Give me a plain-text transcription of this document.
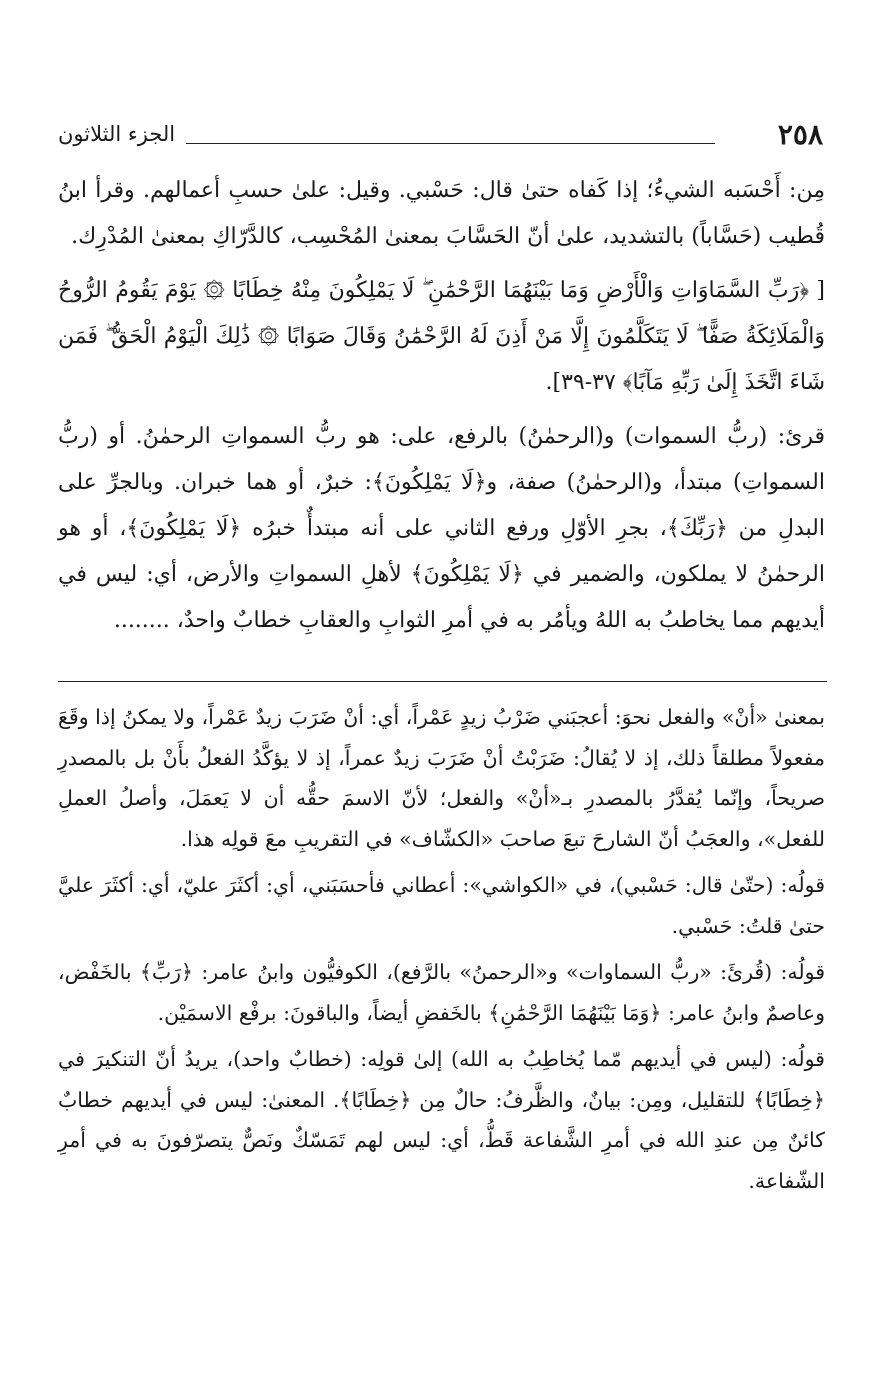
٢٥٨
الجزء الثلاثون

مِن: أَحْسَبه الشيءُ؛ إذا كَفاه حتىٰ قال: حَسْبي. وقيل: علىٰ حسبِ أعمالهم. وقرأ ابنُ قُطيب (حَسَّاباً) بالتشديد، علىٰ أنّ الحَسَّابَ بمعنىٰ المُحْسِب، كالدَّرّاكِ بمعنىٰ المُدْرِك.

[ ﴿رَبِّ السَّمَاوَاتِ وَالْأَرْضِ وَمَا بَيْنَهُمَا الرَّحْمَٰنِ ۖ لَا يَمْلِكُونَ مِنْهُ خِطَابًا ۞ يَوْمَ يَقُومُ الرُّوحُ وَالْمَلَائِكَةُ صَفًّا ۖ لَا يَتَكَلَّمُونَ إِلَّا مَنْ أَذِنَ لَهُ الرَّحْمَٰنُ وَقَالَ صَوَابًا ۞ ذَٰلِكَ الْيَوْمُ الْحَقُّ ۖ فَمَن شَاءَ اتَّخَذَ إِلَىٰ رَبِّهِ مَآبًا﴾ ٣٧-٣٩].

قرئ: (ربُّ السموات) و(الرحمٰنُ) بالرفع، على: هو ربُّ السمواتِ الرحمٰنُ. أو (ربُّ السمواتِ) مبتدأ، و(الرحمٰنُ) صفة، و﴿لَا يَمْلِكُونَ﴾: خبرٌ، أو هما خبران. وبالجرِّ على البدلِ من ﴿رَبِّكَ﴾، بجرِ الأوّلِ ورفع الثاني على أنه مبتدأٌ خبرُه ﴿لَا يَمْلِكُونَ﴾، أو هو الرحمٰنُ لا يملكون، والضمير في ﴿لَا يَمْلِكُونَ﴾ لأهلِ السمواتِ والأرض، أي: ليس في أيديهم مما يخاطبُ به اللهُ ويأمُر به في أمرِ الثوابِ والعقابِ خطابٌ واحدٌ، ........

بمعنىٰ «أنْ» والفعل نحوَ: أعجبَني ضَرْبُ زيدٍ عَمْراً، أي: أنْ ضَرَبَ زيدٌ عَمْراً، ولا يمكنُ إذا وقَعَ مفعولاً مطلقاً ذلك، إذ لا يُقالُ: ضَرَبْتُ أنْ ضَرَبَ زيدٌ عمراً، إذ لا يؤكَّدُ الفعلُ بأَنْ بل بالمصدرِ صريحاً، وإنّما يُقدَّرُ بالمصدرِ بـ«أنْ» والفعل؛ لأنّ الاسمَ حقُّه أن لا يَعمَلَ، وأصلُ العملِ للفعل»، والعجَبُ أنّ الشارحَ تبعَ صاحبَ «الكشّاف» في التقريبِ معَ قولِه هذا.

قولُه: (حتّىٰ قال: حَسْبي)، في «الكواشي»: أعطاني فأحسَبَني، أي: أكثَرَ عليّ، أي: أكثَرَ عليَّ حتىٰ قلتُ: حَسْبي.

قولُه: (قُرئَ: «ربُّ السماوات» و«الرحمنُ» بالرَّفع)، الكوفيُّون وابنُ عامر: ﴿رَبِّ﴾ بالخَفْض، وعاصمٌ وابنُ عامر: ﴿وَمَا بَيْنَهُمَا الرَّحْمَٰنِ﴾ بالخَفضِ أيضاً، والباقونَ: برفْع الاسمَيْن.

قولُه: (ليس في أيديهم مّما يُخاطِبُ به الله) إلىٰ قولِه: (خطابٌ واحد)، يريدُ أنّ التنكيرَ في ﴿خِطَابًا﴾ للتقليل، ومِن: بيانٌ، والظَّرفُ: حالٌ مِن ﴿خِطَابًا﴾. المعنىٰ: ليس في أيديهم خطابٌ كائنٌ مِن عندِ الله في أمرِ الشَّفاعة قَطُّ، أي: ليس لهم تَمَسّكٌ ونَصٌّ يتصرّفونَ به في أمرِ الشّفاعة.
